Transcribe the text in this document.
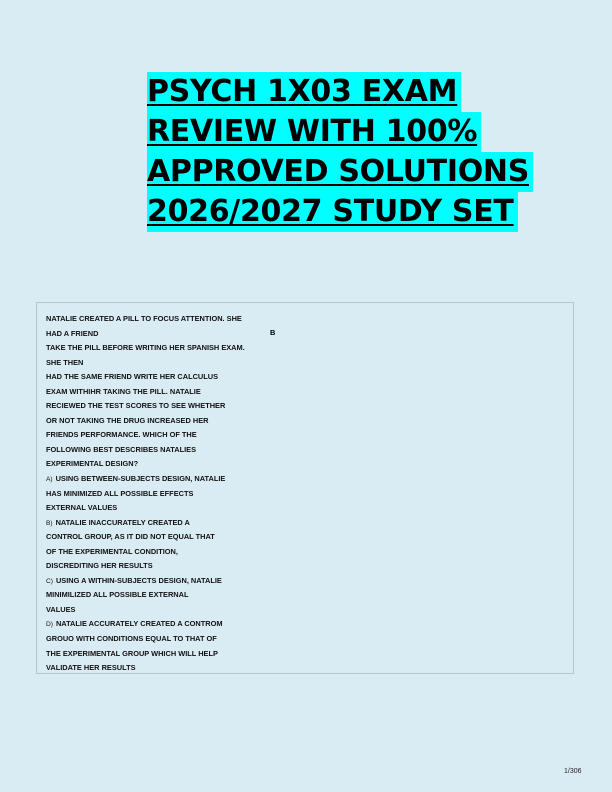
PSYCH 1X03 EXAM
REVIEW WITH 100%
APPROVED SOLUTIONS
2026/2027 STUDY SET
NATALIE CREATED A PILL TO FOCUS ATTENTION. SHE
HAD A FRIEND
TAKE THE PILL BEFORE WRITING HER SPANISH EXAM.
SHE THEN
HAD THE SAME FRIEND WRITE HER CALCULUS
EXAM WITHIHR TAKING THE PILL. NATALIE
RECIEWED THE TEST SCORES TO SEE WHETHER
OR NOT TAKING THE DRUG INCREASED HER
FRIENDS PERFORMANCE. WHICH OF THE
FOLLOWING BEST DESCRIBES NATALIES
EXPERIMENTAL DESIGN?
A) USING BETWEEN-SUBJECTS DESIGN, NATALIE
HAS MINIMIZED ALL POSSIBLE EFFECTS
EXTERNAL VALUES
B) NATALIE INACCURATELY CREATED A
CONTROL GROUP, AS IT DID NOT EQUAL THAT
OF THE EXPERIMENTAL CONDITION,
DISCREDITING HER RESULTS
C) USING A WITHIN-SUBJECTS DESIGN, NATALIE
MINIMILIZED ALL POSSIBLE EXTERNAL
VALUES
D) NATALIE ACCURATELY CREATED A CONTROM
GROUO WITH CONDITIONS EQUAL TO THAT OF
THE EXPERIMENTAL GROUP WHICH WILL HELP
VALIDATE HER RESULTS
B
1/306
